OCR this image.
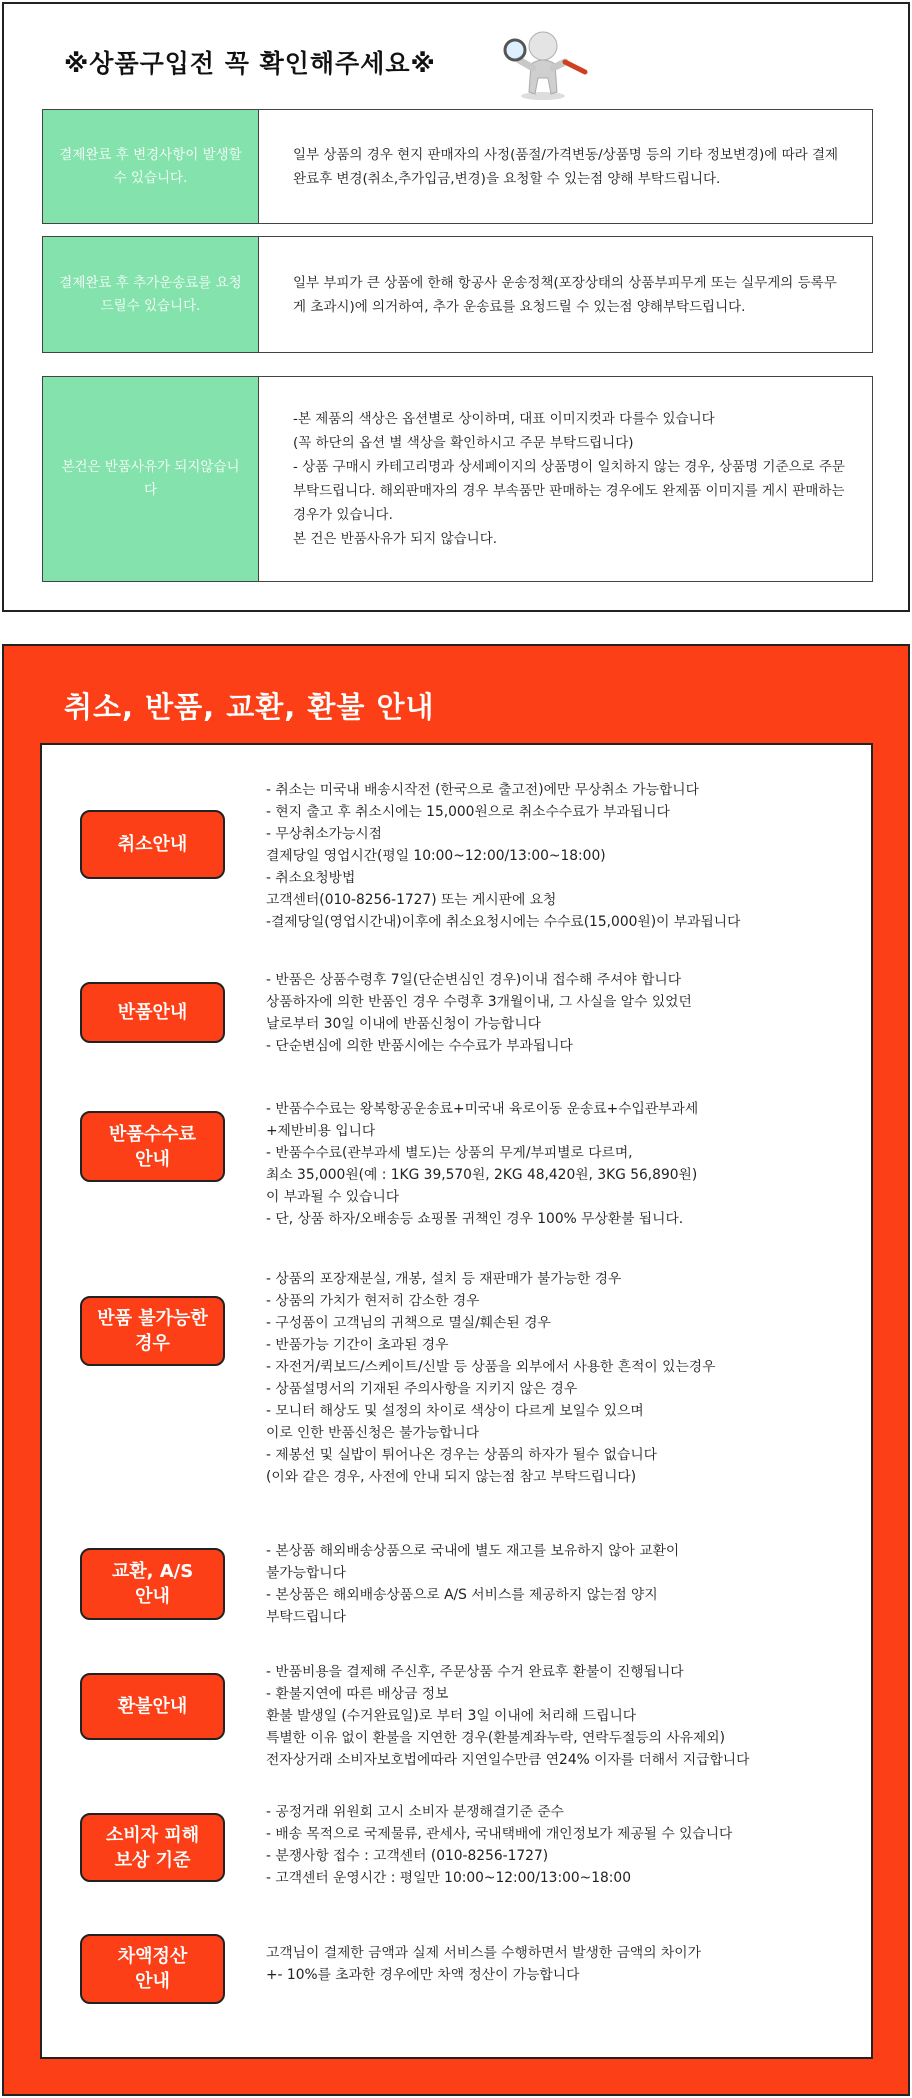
※상품구입전 꼭 확인해주세요※
결제완료 후 변경사항이 발생할 수 있습니다.
일부 상품의 경우 현지 판매자의 사정(품절/가격변동/상품명 등의 기타 정보변경)에 따라 결제완료후 변경(취소,추가입금,변경)을 요청할 수 있는점 양해 부탁드립니다.
결제완료 후 추가운송료를 요청드릴수 있습니다.
일부 부피가 큰 상품에 한해 항공사 운송정책(포장상태의 상품부피무게 또는 실무게의 등록무게 초과시)에 의거하여, 추가 운송료를 요청드릴 수 있는점 양해부탁드립니다.
본건은 반품사유가 되지않습니다
-본 제품의 색상은 옵션별로 상이하며, 대표 이미지컷과 다를수 있습니다
(꼭 하단의 옵션 별 색상을 확인하시고 주문 부탁드립니다)
- 상품 구매시 카테고리명과 상세페이지의 상품명이 일치하지 않는 경우, 상품명 기준으로 주문 부탁드립니다. 해외판매자의 경우 부속품만 판매하는 경우에도 완제품 이미지를 게시 판매하는 경우가 있습니다.
본 건은 반품사유가 되지 않습니다.
취소, 반품, 교환, 환불 안내
취소안내
- 취소는 미국내 배송시작전 (한국으로 출고전)에만 무상취소 가능합니다
- 현지 출고 후 취소시에는 15,000원으로 취소수수료가 부과됩니다
- 무상취소가능시점
결제당일 영업시간(평일 10:00~12:00/13:00~18:00)
- 취소요청방법
고객센터(010-8256-1727) 또는 게시판에 요청
-결제당일(영업시간내)이후에 취소요청시에는 수수료(15,000원)이 부과됩니다
반품안내
- 반품은 상품수령후 7일(단순변심인 경우)이내 접수해 주셔야 합니다
상품하자에 의한 반품인 경우 수령후 3개월이내, 그 사실을 알수 있었던
날로부터 30일 이내에 반품신청이 가능합니다
- 단순변심에 의한 반품시에는 수수료가 부과됩니다
반품수수료
안내
- 반품수수료는 왕복항공운송료+미국내 육로이동 운송료+수입관부과세
+제반비용 입니다
- 반품수수료(관부과세 별도)는 상품의 무게/부피별로 다르며,
최소 35,000원(예 : 1KG 39,570원, 2KG 48,420원, 3KG 56,890원)
이 부과될 수 있습니다
- 단, 상품 하자/오배송등 쇼핑몰 귀책인 경우 100% 무상환불 됩니다.
반품 불가능한
경우
- 상품의 포장재분실, 개봉, 설치 등 재판매가 불가능한 경우
- 상품의 가치가 현저히 감소한 경우
- 구성품이 고객님의 귀책으로 멸실/훼손된 경우
- 반품가능 기간이 초과된 경우
- 자전거/퀵보드/스케이트/신발 등 상품을 외부에서 사용한 흔적이 있는경우
- 상품설명서의 기재된 주의사항을 지키지 않은 경우
- 모니터 해상도 및 설정의 차이로 색상이 다르게 보일수 있으며
이로 인한 반품신청은 불가능합니다
- 제봉선 및 실밥이 튀어나온 경우는 상품의 하자가 될수 없습니다
(이와 같은 경우, 사전에 안내 되지 않는점 참고 부탁드립니다)
교환, A/S
안내
- 본상품 해외배송상품으로 국내에 별도 재고를 보유하지 않아 교환이
불가능합니다
- 본상품은 해외배송상품으로 A/S 서비스를 제공하지 않는점 양지
부탁드립니다
환불안내
- 반품비용을 결제해 주신후, 주문상품 수거 완료후 환불이 진행됩니다
- 환불지연에 따른 배상금 정보
환불 발생일 (수거완료일)로 부터 3일 이내에 처리해 드립니다
특별한 이유 없이 환불을 지연한 경우(환불계좌누락, 연락두절등의 사유제외)
전자상거래 소비자보호법에따라 지연일수만큼 연24% 이자를 더해서 지급합니다
소비자 피해
보상 기준
- 공정거래 위원회 고시 소비자 분쟁해결기준 준수
- 배송 목적으로 국제물류, 관세사, 국내택배에 개인정보가 제공될 수 있습니다
- 분쟁사항 접수 : 고객센터 (010-8256-1727)
- 고객센터 운영시간 : 평일만 10:00~12:00/13:00~18:00
차액정산
안내
고객님이 결제한 금액과 실제 서비스를 수행하면서 발생한 금액의 차이가
+- 10%를 초과한 경우에만 차액 정산이 가능합니다
